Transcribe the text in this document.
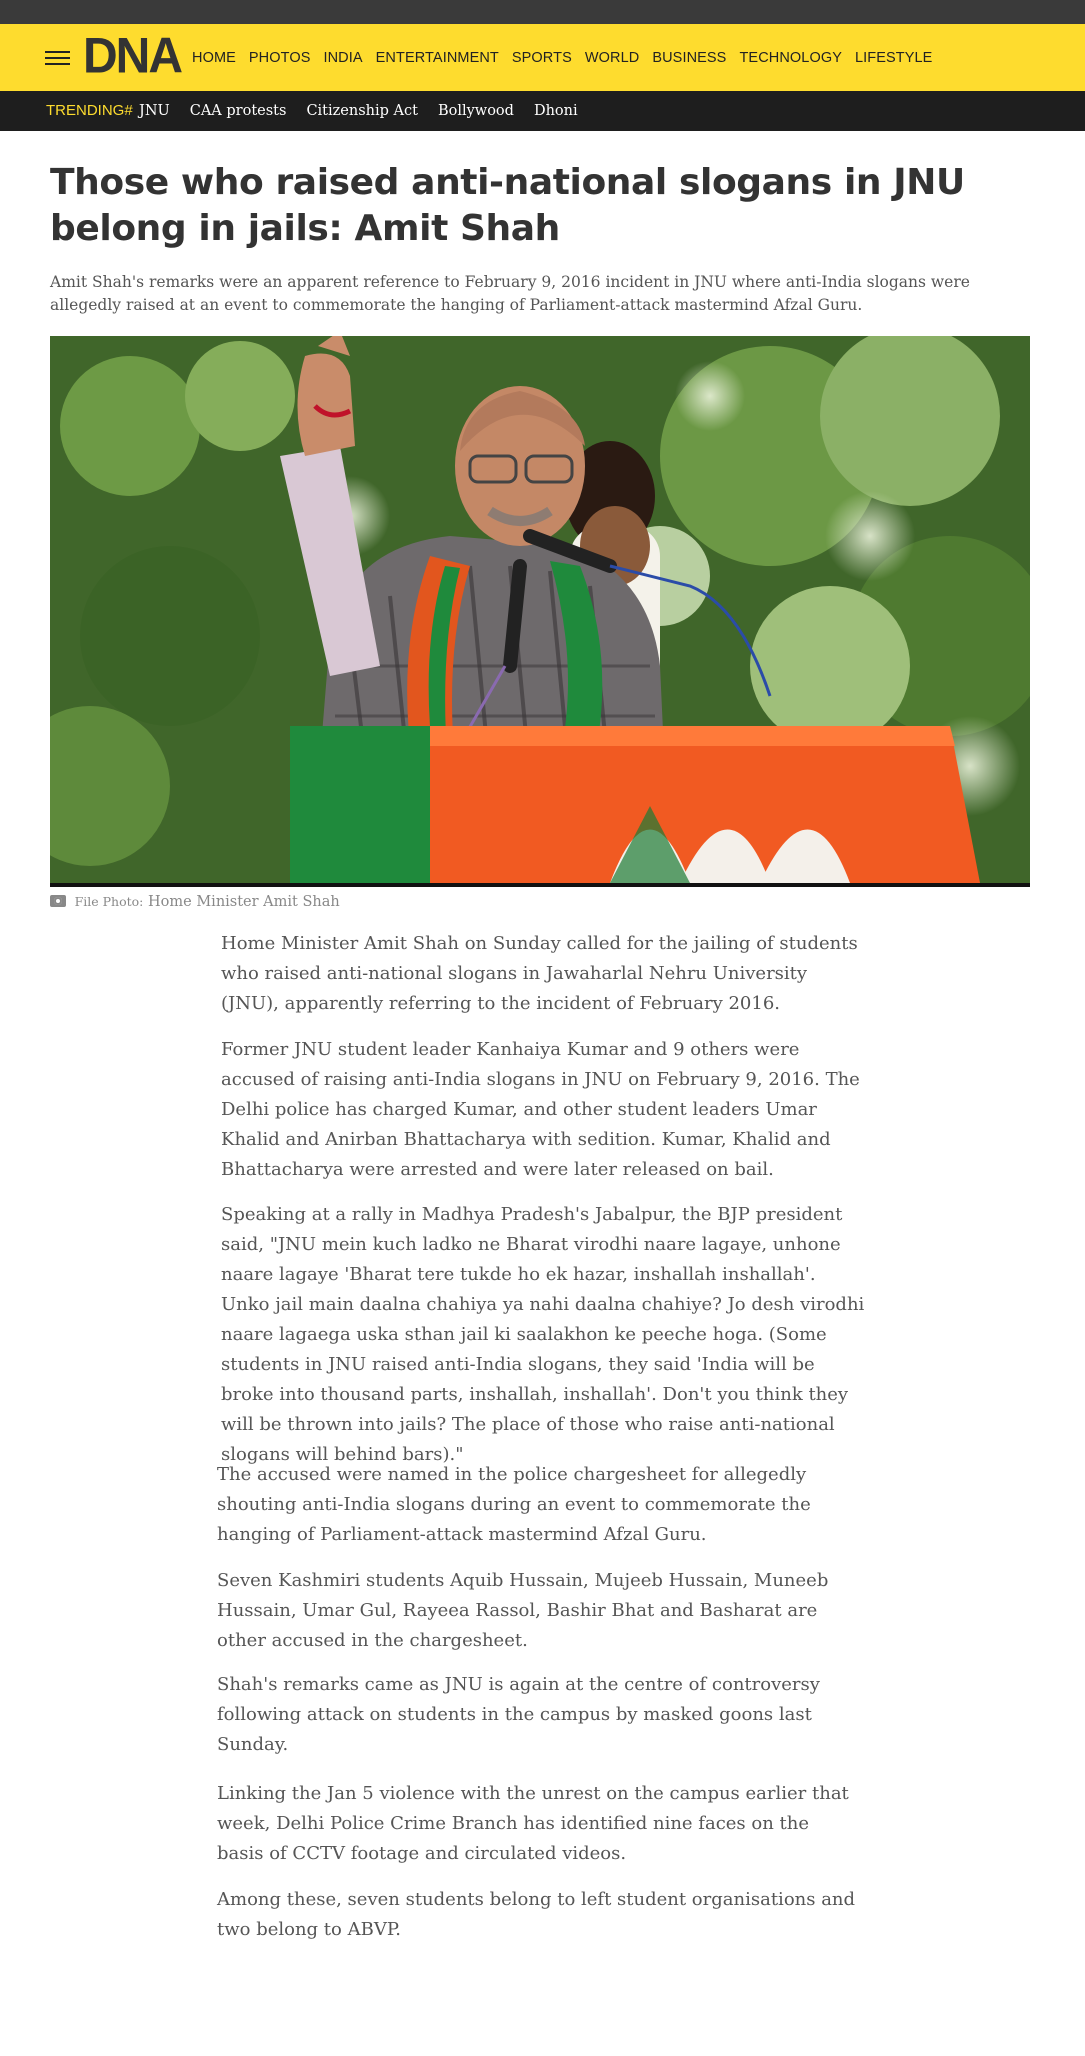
DNA HOME PHOTOS INDIA ENTERTAINMENT SPORTS WORLD BUSINESS TECHNOLOGY LIFESTYLE
TRENDING# JNU CAA protests Citizenship Act Bollywood Dhoni
Those who raised anti-national slogans in JNU belong in jails: Amit Shah

Amit Shah's remarks were an apparent reference to February 9, 2016 incident in JNU where anti-India slogans were allegedly raised at an event to commemorate the hanging of Parliament-attack mastermind Afzal Guru.

File Photo: Home Minister Amit Shah

Home Minister Amit Shah on Sunday called for the jailing of students who raised anti-national slogans in Jawaharlal Nehru University (JNU), apparently referring to the incident of February 2016.

Former JNU student leader Kanhaiya Kumar and 9 others were accused of raising anti-India slogans in JNU on February 9, 2016. The Delhi police has charged Kumar, and other student leaders Umar Khalid and Anirban Bhattacharya with sedition. Kumar, Khalid and Bhattacharya were arrested and were later released on bail.

Speaking at a rally in Madhya Pradesh's Jabalpur, the BJP president said, "JNU mein kuch ladko ne Bharat virodhi naare lagaye, unhone naare lagaye 'Bharat tere tukde ho ek hazar, inshallah inshallah'. Unko jail main daalna chahiya ya nahi daalna chahiye? Jo desh virodhi naare lagaega uska sthan jail ki saalakhon ke peeche hoga. (Some students in JNU raised anti-India slogans, they said 'India will be broke into thousand parts, inshallah, inshallah'. Don't you think they will be thrown into jails? The place of those who raise anti-national slogans will behind bars)."

The accused were named in the police chargesheet for allegedly shouting anti-India slogans during an event to commemorate the hanging of Parliament-attack mastermind Afzal Guru.

Seven Kashmiri students Aquib Hussain, Mujeeb Hussain, Muneeb Hussain, Umar Gul, Rayeea Rassol, Bashir Bhat and Basharat are other accused in the chargesheet.

Shah's remarks came as JNU is again at the centre of controversy following attack on students in the campus by masked goons last Sunday.

Linking the Jan 5 violence with the unrest on the campus earlier that week, Delhi Police Crime Branch has identified nine faces on the basis of CCTV footage and circulated videos.

Among these, seven students belong to left student organisations and two belong to ABVP.
